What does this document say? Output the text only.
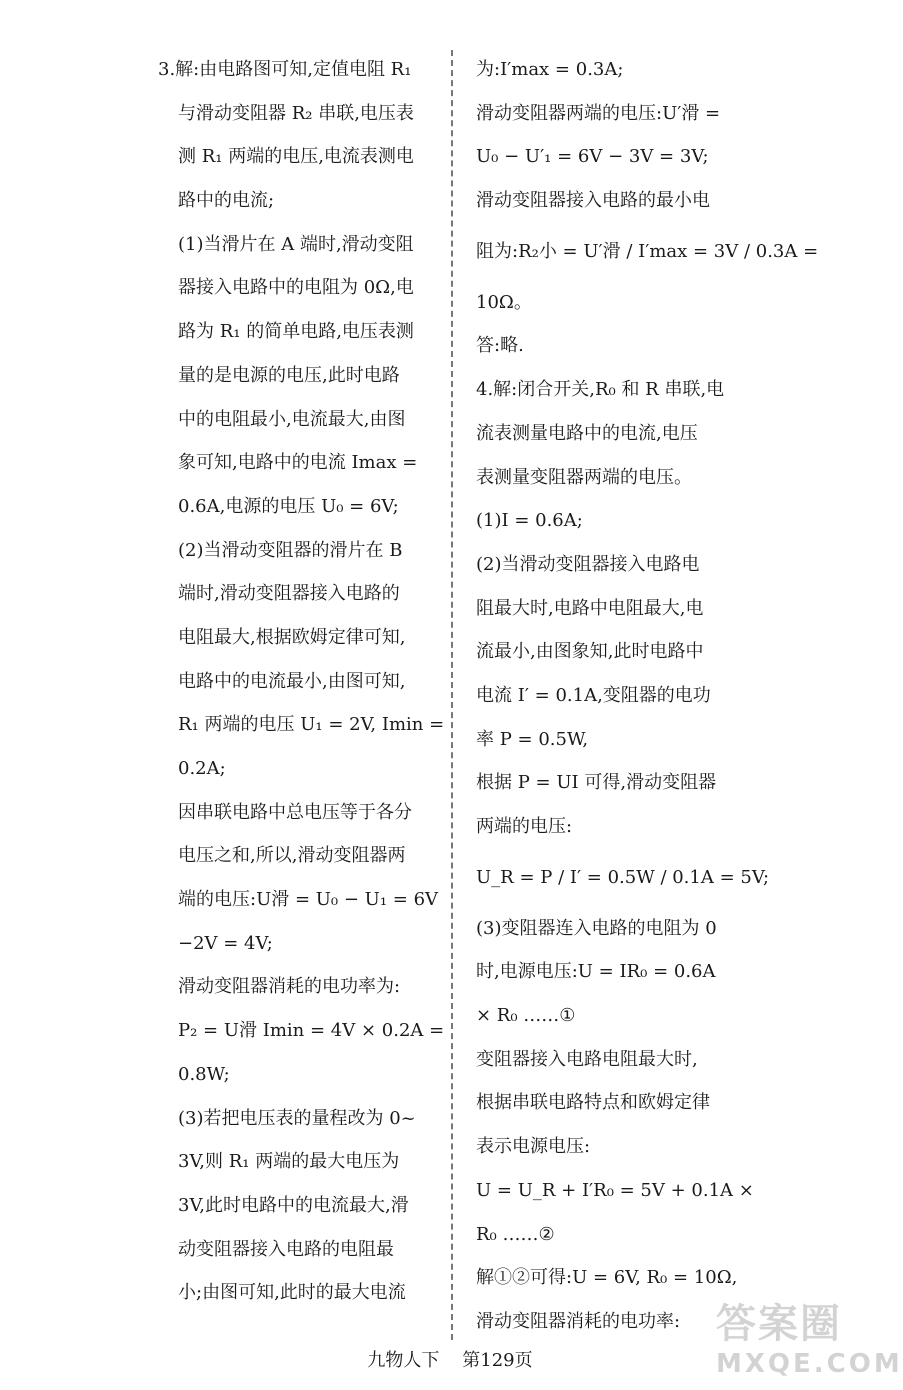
3.解:由电路图可知,定值电阻 R₁
与滑动变阻器 R₂ 串联,电压表
测 R₁ 两端的电压,电流表测电
路中的电流;
(1)当滑片在 A 端时,滑动变阻
器接入电路中的电阻为 0Ω,电
路为 R₁ 的简单电路,电压表测
量的是电源的电压,此时电路
中的电阻最小,电流最大,由图
象可知,电路中的电流 Imax =
0.6A,电源的电压 U₀ = 6V;
(2)当滑动变阻器的滑片在 B
端时,滑动变阻器接入电路的
电阻最大,根据欧姆定律可知,
电路中的电流最小,由图可知,
R₁ 两端的电压 U₁ = 2V, Imin =
0.2A;
因串联电路中总电压等于各分
电压之和,所以,滑动变阻器两
端的电压:U滑 = U₀ − U₁ = 6V
−2V = 4V;
滑动变阻器消耗的电功率为:
P₂ = U滑 Imin = 4V × 0.2A =
0.8W;
(3)若把电压表的量程改为 0~
3V,则 R₁ 两端的最大电压为
3V,此时电路中的电流最大,滑
动变阻器接入电路的电阻最
小;由图可知,此时的最大电流
为:I′max = 0.3A;
滑动变阻器两端的电压:U′滑 =
U₀ − U′₁ = 6V − 3V = 3V;
滑动变阻器接入电路的最小电
阻为:R₂小 = U′滑 / I′max = 3V / 0.3A =
10Ω。
答:略.
4.解:闭合开关,R₀ 和 R 串联,电
流表测量电路中的电流,电压
表测量变阻器两端的电压。
(1)I = 0.6A;
(2)当滑动变阻器接入电路电
阻最大时,电路中电阻最大,电
流最小,由图象知,此时电路中
电流 I′ = 0.1A,变阻器的电功
率 P = 0.5W,
根据 P = UI 可得,滑动变阻器
两端的电压:
U_R = P / I′ = 0.5W / 0.1A = 5V;
(3)变阻器连入电路的电阻为 0
时,电源电压:U = IR₀ = 0.6A
× R₀ ……①
变阻器接入电路电阻最大时,
根据串联电路特点和欧姆定律
表示电源电压:
U = U_R + I′R₀ = 5V + 0.1A ×
R₀ ……②
解①②可得:U = 6V, R₀ = 10Ω,
滑动变阻器消耗的电功率:
九物人下 第129页
答案圈
MXQE.COM
